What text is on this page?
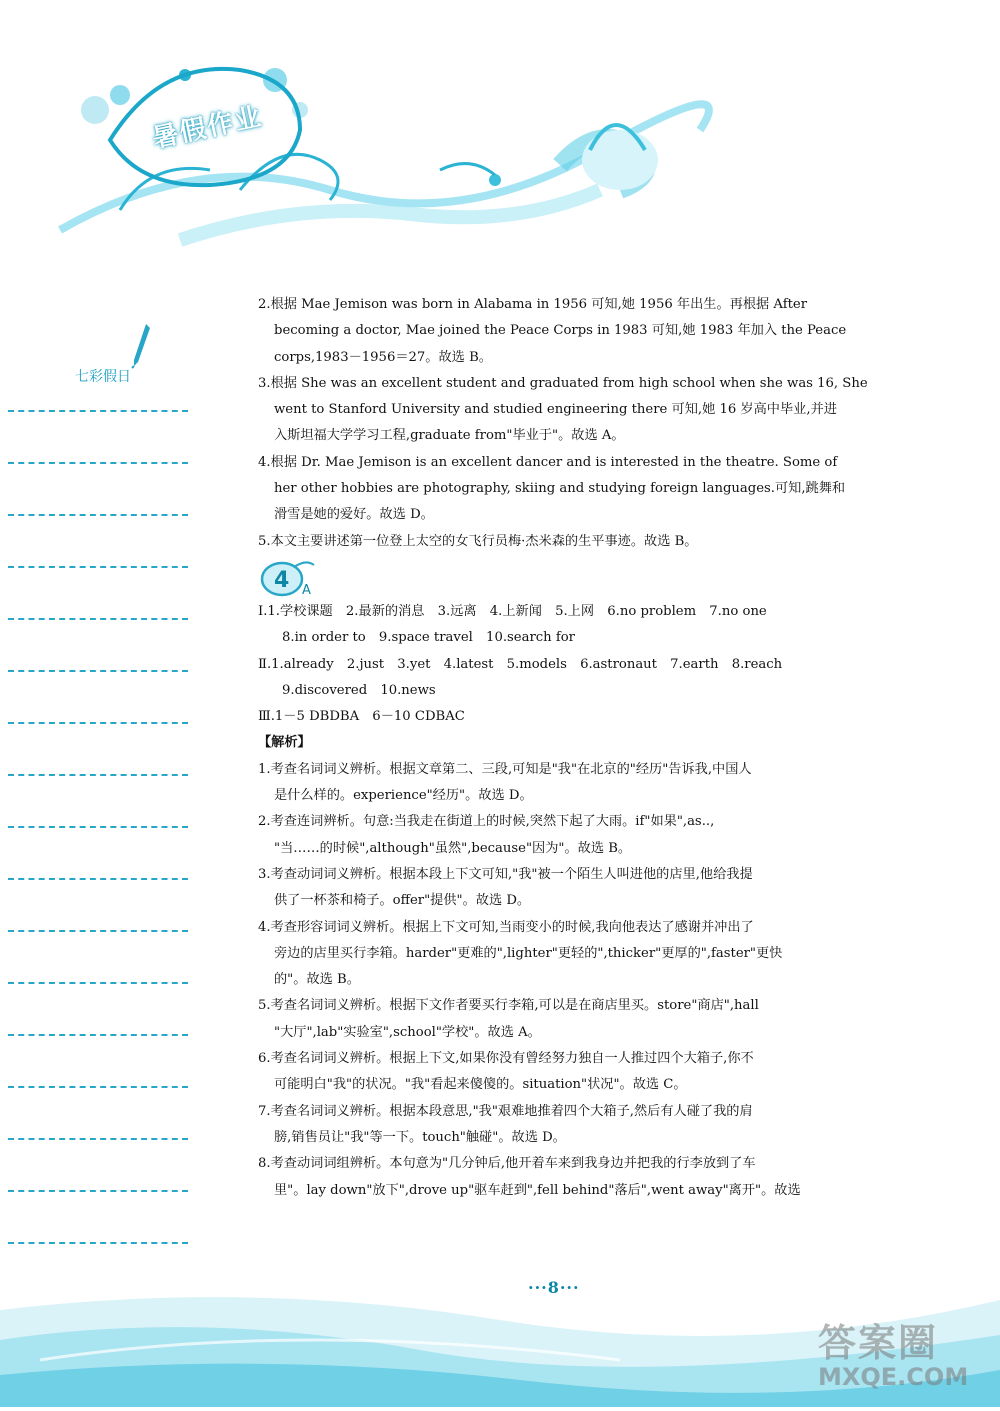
暑假作业
七彩假日

2.根据 Mae Jemison was born in Alabama in 1956 可知,她 1956 年出生。再根据 After

becoming a doctor, Mae joined the Peace Corps in 1983 可知,她 1983 年加入 the Peace

corps,1983－1956＝27。故选 B。

3.根据 She was an excellent student and graduated from high school when she was 16, She

went to Stanford University and studied engineering there 可知,她 16 岁高中毕业,并进

入斯坦福大学学习工程,graduate from"毕业于"。故选 A。

4.根据 Dr. Mae Jemison is an excellent dancer and is interested in the theatre. Some of

her other hobbies are photography, skiing and studying foreign languages.可知,跳舞和

滑雪是她的爱好。故选 D。

5.本文主要讲述第一位登上太空的女飞行员梅·杰米森的生平事迹。故选 B。

4 A

Ⅰ.1.学校课题　2.最新的消息　3.远离　4.上新闻　5.上网　6.no problem　7.no one

8.in order to　9.space travel　10.search for

Ⅱ.1.already　2.just　3.yet　4.latest　5.models　6.astronaut　7.earth　8.reach

9.discovered　10.news

Ⅲ.1－5 DBDBA　6－10 CDBAC

【解析】

1.考查名词词义辨析。根据文章第二、三段,可知是"我"在北京的"经历"告诉我,中国人

是什么样的。experience"经历"。故选 D。

2.考查连词辨析。句意:当我走在街道上的时候,突然下起了大雨。if"如果",as..,

"当……的时候",although"虽然",because"因为"。故选 B。

3.考查动词词义辨析。根据本段上下文可知,"我"被一个陌生人叫进他的店里,他给我提

供了一杯茶和椅子。offer"提供"。故选 D。

4.考查形容词词义辨析。根据上下文可知,当雨变小的时候,我向他表达了感谢并冲出了

旁边的店里买行李箱。harder"更难的",lighter"更轻的",thicker"更厚的",faster"更快

的"。故选 B。

5.考查名词词义辨析。根据下文作者要买行李箱,可以是在商店里买。store"商店",hall

"大厅",lab"实验室",school"学校"。故选 A。

6.考查名词词义辨析。根据上下文,如果你没有曾经努力独自一人推过四个大箱子,你不

可能明白"我"的状况。"我"看起来傻傻的。situation"状况"。故选 C。

7.考查名词词义辨析。根据本段意思,"我"艰难地推着四个大箱子,然后有人碰了我的肩

膀,销售员让"我"等一下。touch"触碰"。故选 D。

8.考查动词词组辨析。本句意为"几分钟后,他开着车来到我身边并把我的行李放到了车

里"。lay down"放下",drove up"驱车赶到",fell behind"落后",went away"离开"。故选

···8···
答案圈
MXQE.COM
